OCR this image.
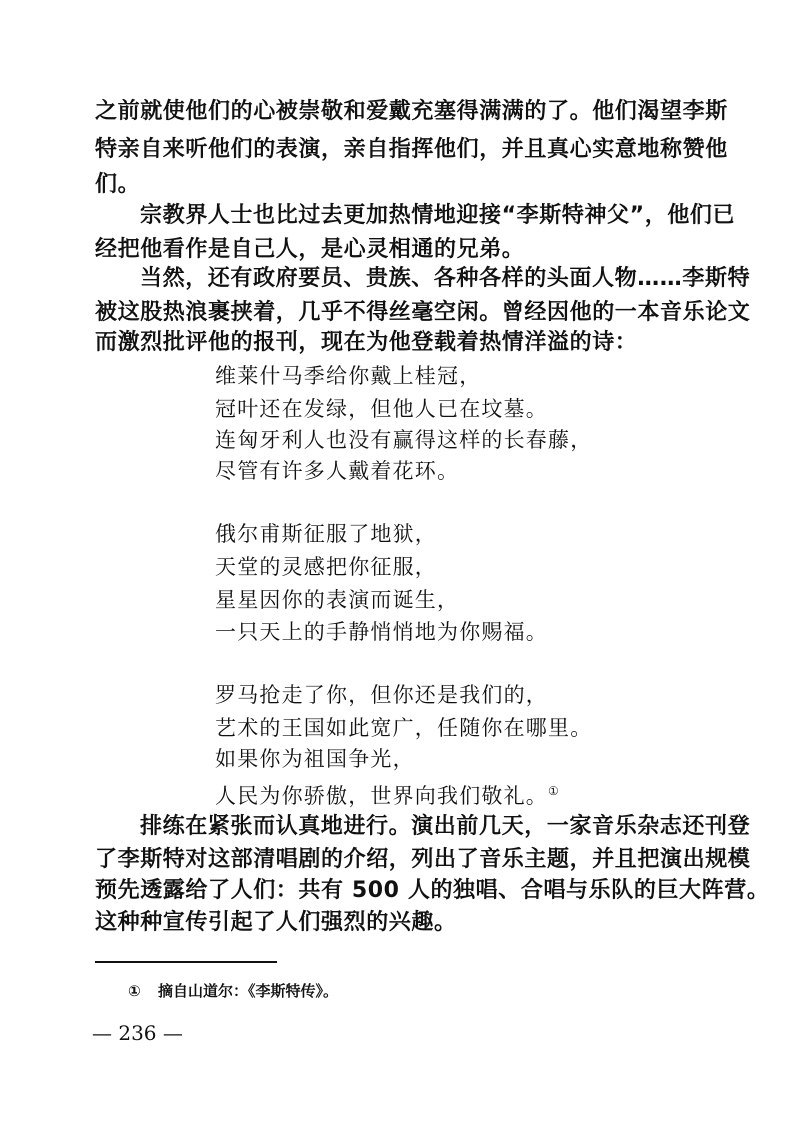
之前就使他们的心被崇敬和爱戴充塞得满满的了。他们渴望李斯
特亲自来听他们的表演，亲自指挥他们，并且真心实意地称赞他
们。
宗教界人士也比过去更加热情地迎接“李斯特神父”，他们已
经把他看作是自己人，是心灵相通的兄弟。
当然，还有政府要员、贵族、各种各样的头面人物……李斯特
被这股热浪裹挟着，几乎不得丝毫空闲。曾经因他的一本音乐论文
而激烈批评他的报刊，现在为他登载着热情洋溢的诗：
维莱什马季给你戴上桂冠，
冠叶还在发绿，但他人已在坟墓。
连匈牙利人也没有赢得这样的长春藤，
尽管有许多人戴着花环。
俄尔甫斯征服了地狱，
天堂的灵感把你征服，
星星因你的表演而诞生，
一只天上的手静悄悄地为你赐福。
罗马抢走了你，但你还是我们的，
艺术的王国如此宽广，任随你在哪里。
如果你为祖国争光，
人民为你骄傲，世界向我们敬礼。①
排练在紧张而认真地进行。演出前几天，一家音乐杂志还刊登
了李斯特对这部清唱剧的介绍，列出了音乐主题，并且把演出规模
预先透露给了人们：共有 500 人的独唱、合唱与乐队的巨大阵营。
这种种宣传引起了人们强烈的兴趣。
① 摘自山道尔：《李斯特传》。
— 236 —
